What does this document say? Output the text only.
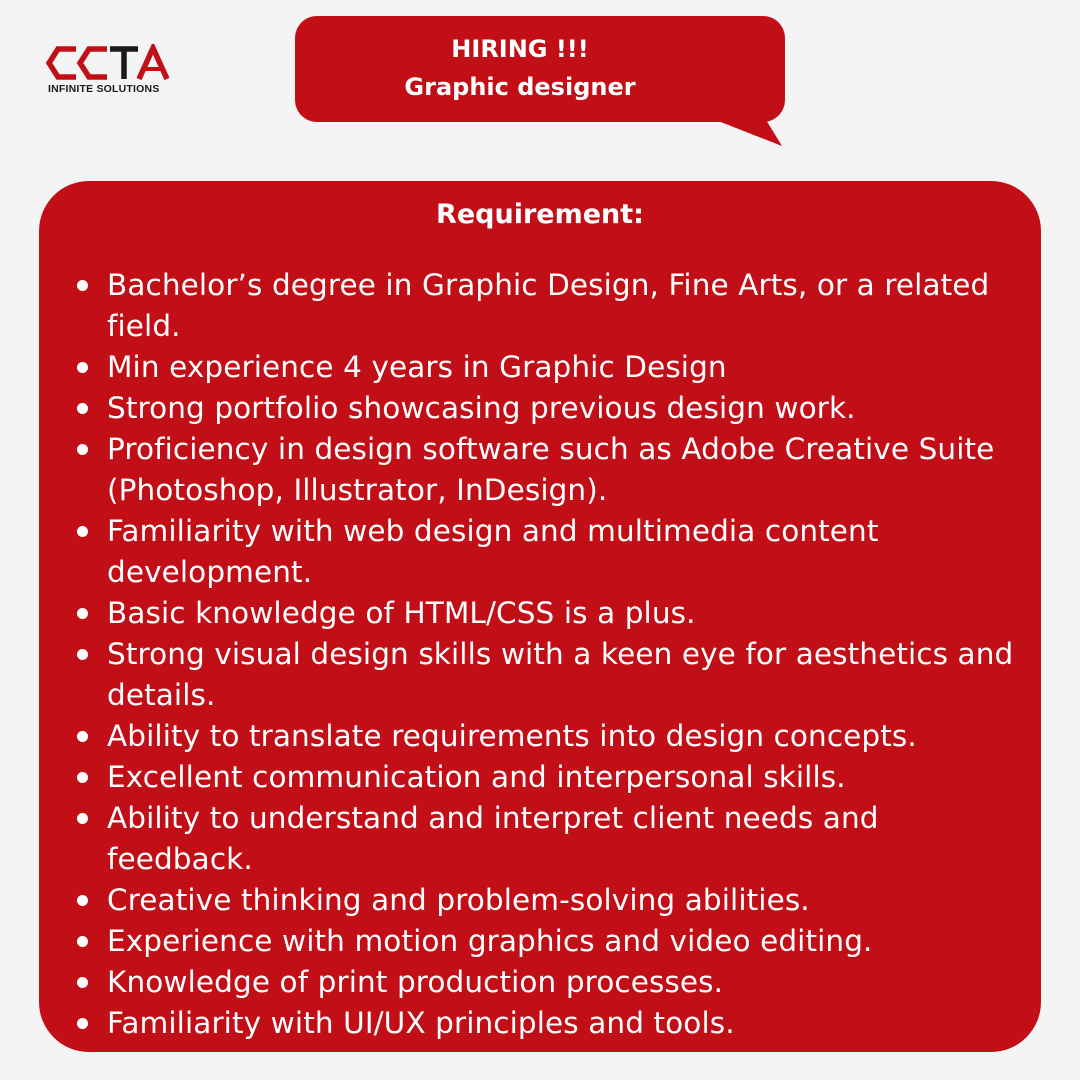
INFINITE SOLUTIONS
HIRING !!!
Graphic designer
Requirement:
Bachelor’s degree in Graphic Design, Fine Arts, or a related field.
Min experience 4 years in Graphic Design
Strong portfolio showcasing previous design work.
Proficiency in design software such as Adobe Creative Suite (Photoshop, Illustrator, InDesign).
Familiarity with web design and multimedia content development.
Basic knowledge of HTML/CSS is a plus.
Strong visual design skills with a keen eye for aesthetics and details.
Ability to translate requirements into design concepts.
Excellent communication and interpersonal skills.
Ability to understand and interpret client needs and feedback.
Creative thinking and problem-solving abilities.
Experience with motion graphics and video editing.
Knowledge of print production processes.
Familiarity with UI/UX principles and tools.
